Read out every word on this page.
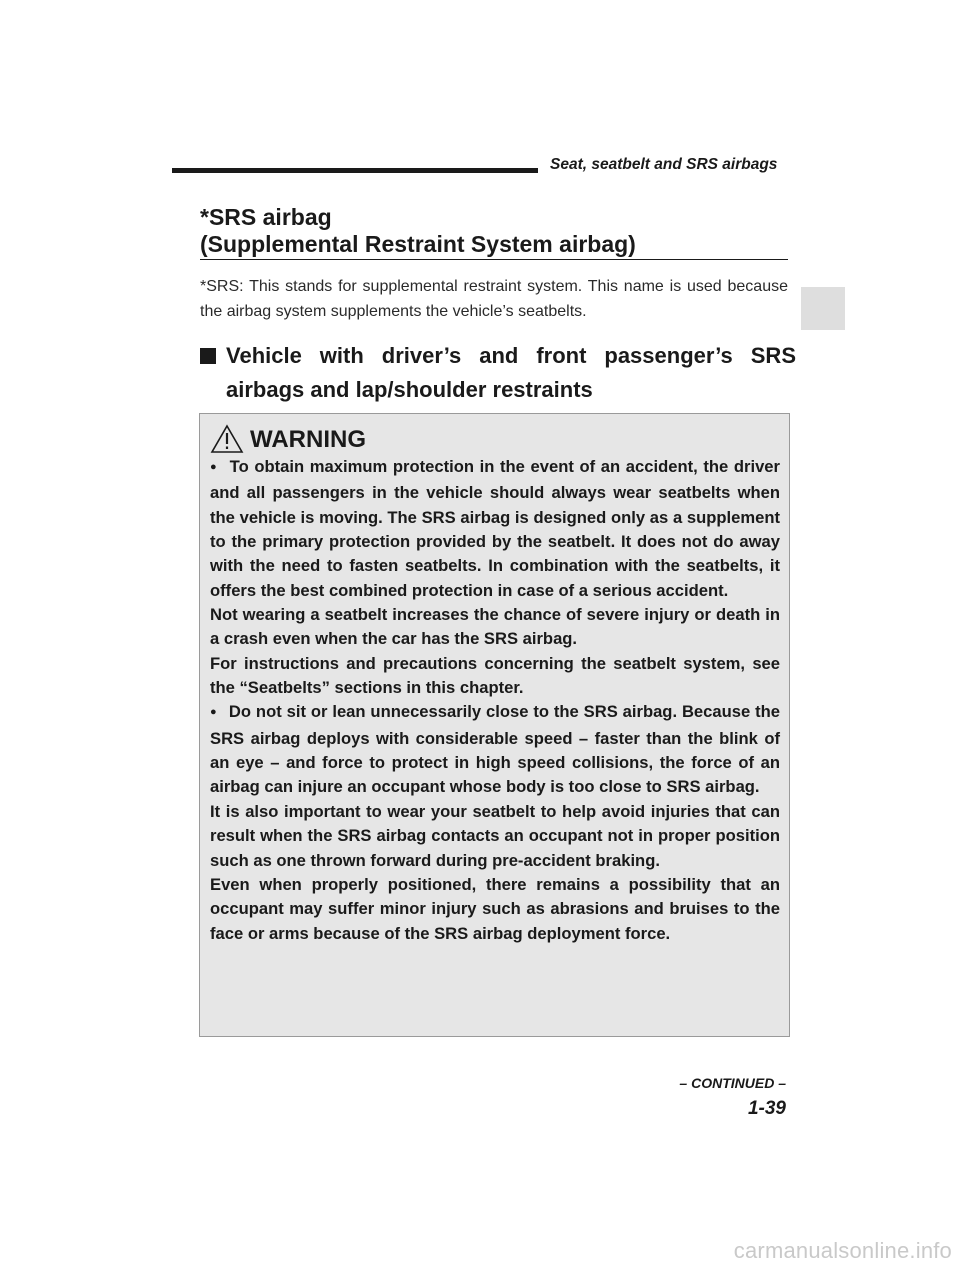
Seat, seatbelt and SRS airbags
*SRS airbag
(Supplemental Restraint System airbag)
*SRS: This stands for supplemental restraint system. This name is used because the airbag system supplements the vehicle’s seatbelts.
Vehicle with driver’s and front passenger’s SRS airbags and lap/shoulder restraints
WARNING

● To obtain maximum protection in the event of an accident, the driver and all passengers in the vehicle should always wear seatbelts when the vehicle is moving. The SRS airbag is designed only as a supplement to the primary protection provided by the seatbelt. It does not do away with the need to fasten seatbelts. In combination with the seatbelts, it offers the best combined protection in case of a serious accident.

Not wearing a seatbelt increases the chance of severe injury or death in a crash even when the car has the SRS airbag.

For instructions and precautions concerning the seatbelt system, see the “Seatbelts” sections in this chapter.

● Do not sit or lean unnecessarily close to the SRS airbag. Because the SRS airbag deploys with considerable speed – faster than the blink of an eye – and force to protect in high speed collisions, the force of an airbag can injure an occupant whose body is too close to SRS airbag.

It is also important to wear your seatbelt to help avoid injuries that can result when the SRS airbag contacts an occupant not in proper position such as one thrown forward during pre-accident braking.

Even when properly positioned, there remains a possibility that an occupant may suffer minor injury such as abrasions and bruises to the face or arms because of the SRS airbag deployment force.

– CONTINUED –
1-39
carmanualsonline.info
